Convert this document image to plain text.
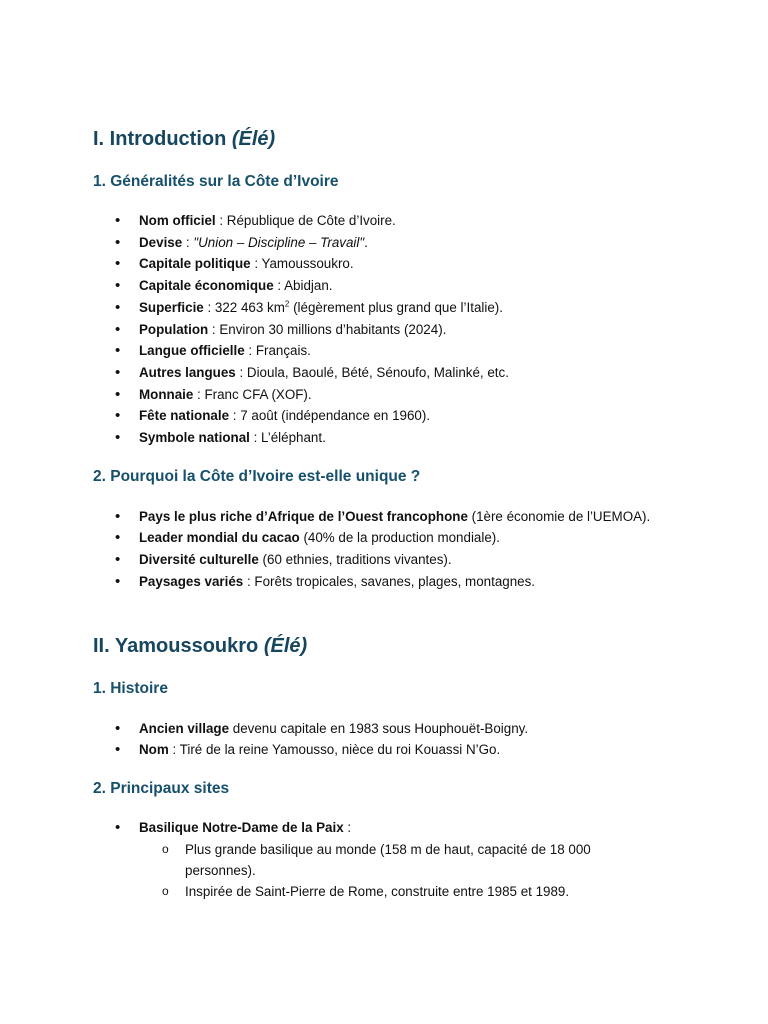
I. Introduction (Élé)
1. Généralités sur la Côte d’Ivoire
• Nom officiel : République de Côte d’Ivoire.
• Devise : "Union – Discipline – Travail".
• Capitale politique : Yamoussoukro.
• Capitale économique : Abidjan.
• Superficie : 322 463 $km^2$ (légèrement plus grand que l’Italie).
• Population : Environ 30 millions d’habitants (2024).
• Langue officielle : Français.
• Autres langues : Dioula, Baoulé, Bété, Sénoufo, Malinké, etc.
• Monnaie : Franc CFA (XOF).
• Fête nationale : 7 août (indépendance en 1960).
• Symbole national : L’éléphant.
2. Pourquoi la Côte d’Ivoire est-elle unique ?
• Pays le plus riche d’Afrique de l’Ouest francophone (1ère économie de l’UEMOA).
• Leader mondial du cacao (40% de la production mondiale).
• Diversité culturelle (60 ethnies, traditions vivantes).
• Paysages variés : Forêts tropicales, savanes, plages, montagnes.
II. Yamoussoukro (Élé)
1. Histoire
• Ancien village devenu capitale en 1983 sous Houphouët-Boigny.
• Nom : Tiré de la reine Yamousso, nièce du roi Kouassi N’Go.
2. Principaux sites
• Basilique Notre-Dame de la Paix :
o Plus grande basilique au monde (158 m de haut, capacité de 18 000 personnes).
o Inspirée de Saint-Pierre de Rome, construite entre 1985 et 1989.
